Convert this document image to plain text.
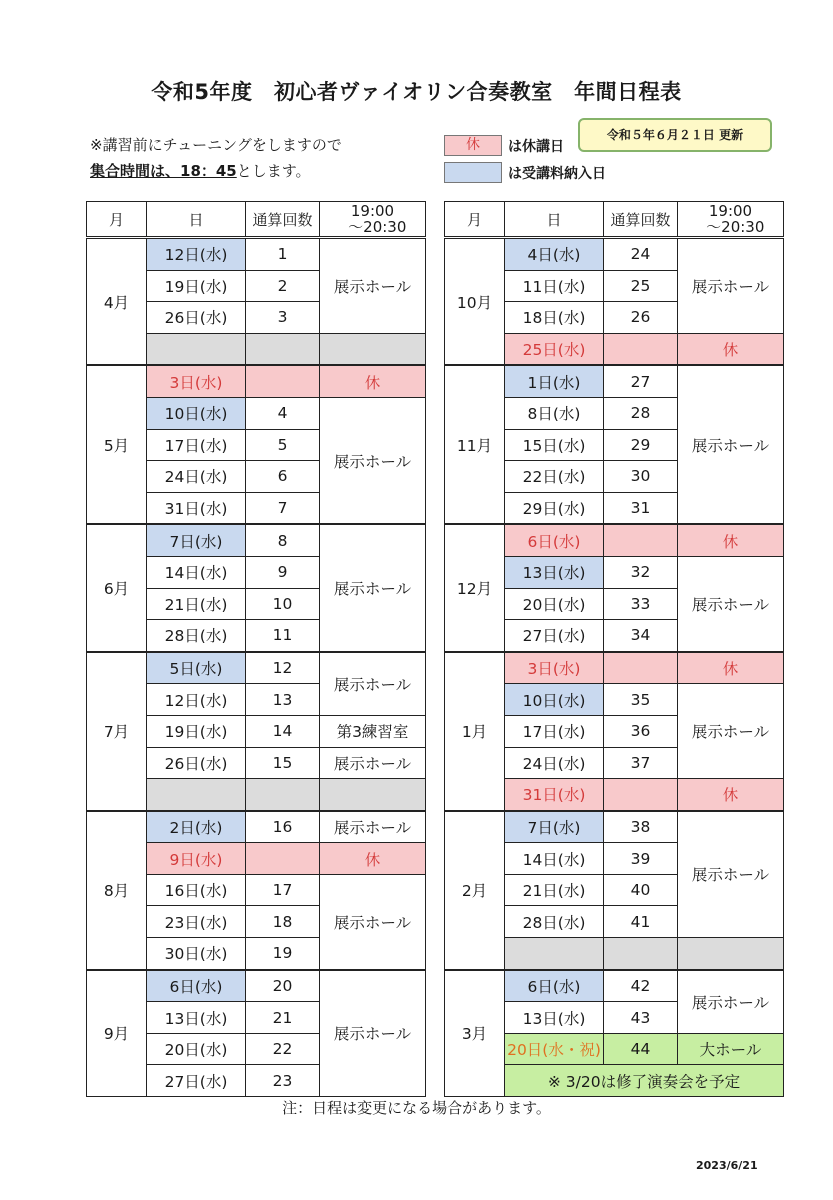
令和5年度　初心者ヴァイオリン合奏教室　年間日程表
※講習前にチューニングをしますので
集合時間は、18：45とします。
休	は休講日
は受講料納入日
令和５年６月２１日 更新
月	日	通算回数	19:00
～20:30
4月	12日(水)	1	展示ホール
	19日(水)	2	
	26日(水)	3	

5月	3日(水)		休
	10日(水)	4	展示ホール
	17日(水)	5	
	24日(水)	6	
	31日(水)	7	
6月	7日(水)	8	展示ホール
	14日(水)	9	
	21日(水)	10	
	28日(水)	11	
7月	5日(水)	12	展示ホール
	12日(水)	13	
	19日(水)	14	第3練習室
	26日(水)	15	展示ホール

8月	2日(水)	16	展示ホール
	9日(水)		休
	16日(水)	17	展示ホール
	23日(水)	18	
	30日(水)	19	
9月	6日(水)	20	展示ホール
	13日(水)	21	
	20日(水)	22	
	27日(水)	23	
月	日	通算回数	19:00
～20:30
10月	4日(水)	24	展示ホール
	11日(水)	25	
	18日(水)	26	
	25日(水)		休
11月	1日(水)	27	展示ホール
	8日(水)	28	
	15日(水)	29	
	22日(水)	30	
	29日(水)	31	
12月	6日(水)		休
	13日(水)	32	展示ホール
	20日(水)	33	
	27日(水)	34	
1月	3日(水)		休
	10日(水)	35	展示ホール
	17日(水)	36	
	24日(水)	37	
	31日(水)		休
2月	7日(水)	38	展示ホール
	14日(水)	39	
	21日(水)	40	
	28日(水)	41	

3月	6日(水)	42	展示ホール
	13日(水)	43	
	20日(水・祝)	44	大ホール
	※ 3/20は修了演奏会を予定		
注：日程は変更になる場合があります。
2023/6/21
